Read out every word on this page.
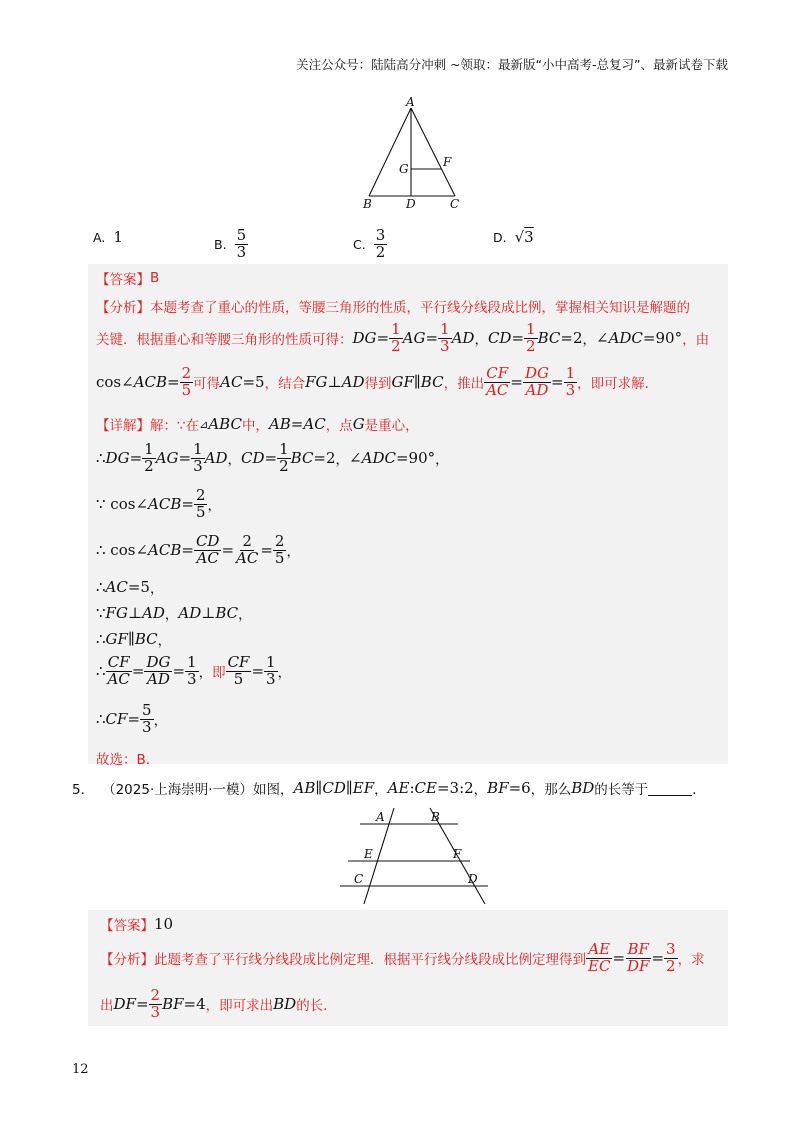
关注公众号：陆陆高分冲刺 ~领取：最新版“小中高考-总复习”、最新试卷下载
A
B	D	C
G	F
A. 1	B. $\frac{5}{3}$	C. $\frac{3}{2}$	D. √3
【答案】 B
【分析】 本题考查了重心的性质，等腰三角形的性质，平行线分线段成比例，掌握相关知识是解题的
关键．根据重心和等腰三角形的性质可得： DG = $\frac{1}{2}$ AG = $\frac{1}{3}$ AD ， CD = $\frac{1}{2}$ BC =2 ， ∠ ADC =90° ，由
cos∠ ACB = $\frac{2}{5}$ 可得 AC =5 ，结合 FG ⊥ AD 得到 GF ∥ BC ，推出 $\frac{CF}{AC} = \frac{DG}{AD} = \frac{1}{3}$ ，即可求解．
【详解】 解：∵在 ⊿ ABC 中， AB = AC ，点 G 是重心，
∴ DG = $\frac{1}{2}$ AG = $\frac{1}{3}$ AD ， CD = $\frac{1}{2}$ BC =2 ， ∠ ADC =90° ，
∵ cos∠ ACB = $\frac{2}{5}$ ，
∴ cos∠ ACB = $\frac{CD}{AC} = \frac{2}{AC} = \frac{2}{5}$ ，
∴ AC =5 ，
∵ FG ⊥ AD ， AD ⊥ BC ，
∴ GF ∥ BC ，
∴ $\frac{CF}{AC} = \frac{DG}{AD} = \frac{1}{3}$ ， 即 $\frac{CF}{5} = \frac{1}{3}$ ，
∴ CF = $\frac{5}{3}$ ，
故选：B．
5． （2025·上海崇明·一模） 如图， AB ∥ CD ∥ EF ， AE : CE =3:2 ， BF =6 ，那么 BD 的长等于	．
A	B
E	F
C	D
【答案】 10
【分析】 此题考查了平行线分线段成比例定理．根据平行线分线段成比例定理得到 $\frac{AE}{EC} = \frac{BF}{DF} = \frac{3}{2}$ ，求
出 DF = $\frac{2}{3}$ BF =4 ，即可求出 BD 的长．
12
